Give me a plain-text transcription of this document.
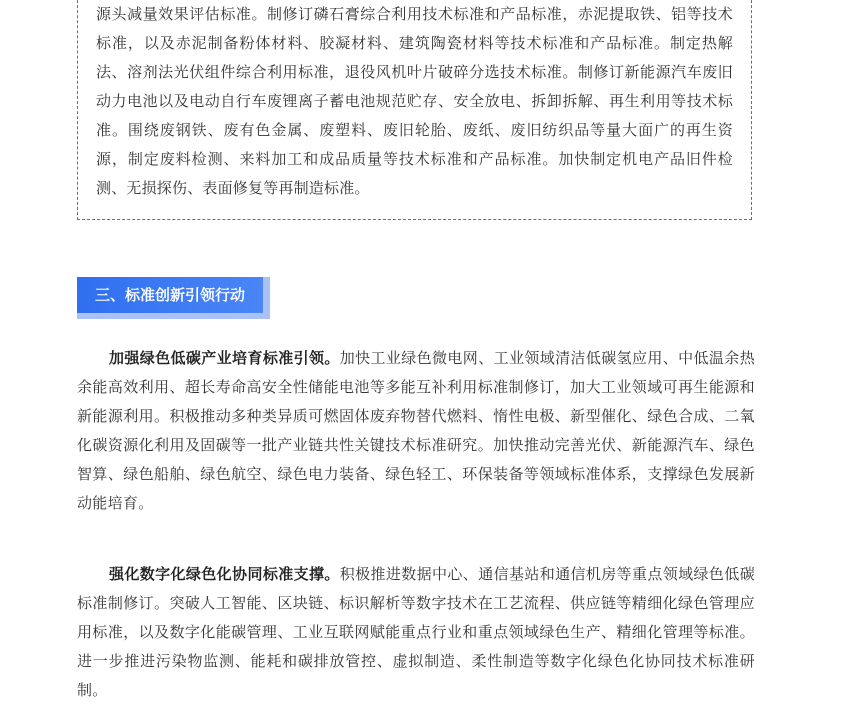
源头减量效果评估标准。制修订磷石膏综合利用技术标准和产品标准，赤泥提取铁、铝等技术标准，以及赤泥制备粉体材料、胶凝材料、建筑陶瓷材料等技术标准和产品标准。制定热解法、溶剂法光伏组件综合利用标准，退役风机叶片破碎分选技术标准。制修订新能源汽车废旧动力电池以及电动自行车废锂离子蓄电池规范贮存、安全放电、拆卸拆解、再生利用等技术标准。围绕废钢铁、废有色金属、废塑料、废旧轮胎、废纸、废旧纺织品等量大面广的再生资源，制定废料检测、来料加工和成品质量等技术标准和产品标准。加快制定机电产品旧件检测、无损探伤、表面修复等再制造标准。

三、标准创新引领行动

加强绿色低碳产业培育标准引领。加快工业绿色微电网、工业领域清洁低碳氢应用、中低温余热余能高效利用、超长寿命高安全性储能电池等多能互补利用标准制修订，加大工业领域可再生能源和新能源利用。积极推动多种类异质可燃固体废弃物替代燃料、惰性电极、新型催化、绿色合成、二氧化碳资源化利用及固碳等一批产业链共性关键技术标准研究。加快推动完善光伏、新能源汽车、绿色智算、绿色船舶、绿色航空、绿色电力装备、绿色轻工、环保装备等领域标准体系，支撑绿色发展新动能培育。

强化数字化绿色化协同标准支撑。积极推进数据中心、通信基站和通信机房等重点领域绿色低碳标准制修订。突破人工智能、区块链、标识解析等数字技术在工艺流程、供应链等精细化绿色管理应用标准，以及数字化能碳管理、工业互联网赋能重点行业和重点领域绿色生产、精细化管理等标准。进一步推进污染物监测、能耗和碳排放管控、虚拟制造、柔性制造等数字化绿色化协同技术标准研制。
